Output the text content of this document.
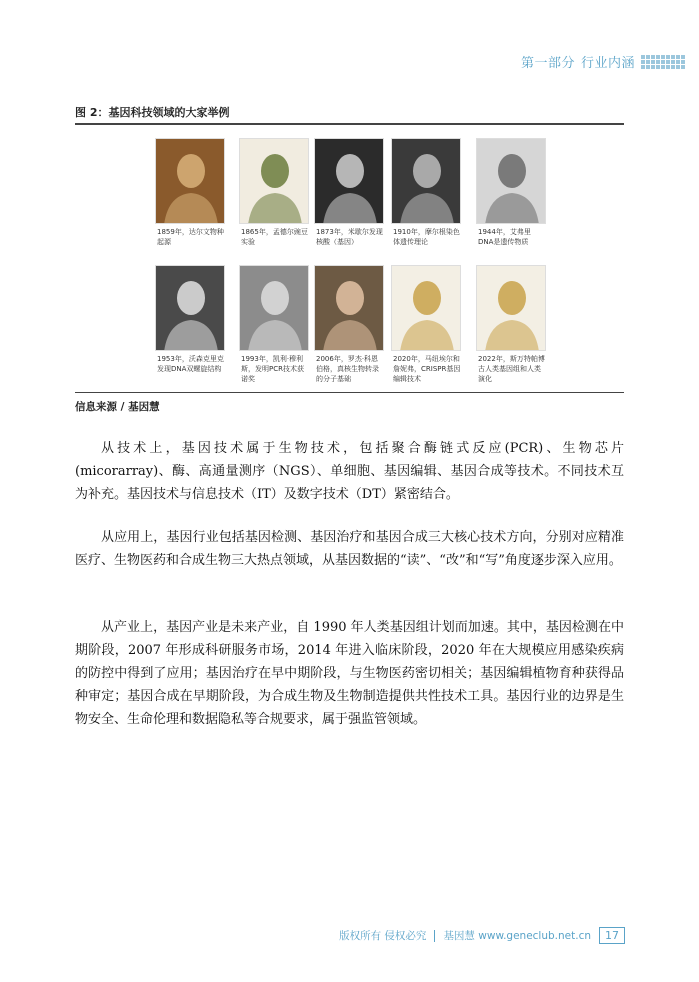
第一部分 行业内涵
图 2：基因科技领域的大家举例
1859年，达尔文物种起源
1865年，孟德尔豌豆实验
1873年，米歇尔发现核酸（基因）
1910年，摩尔根染色体遗传理论
1944年，艾弗里DNA是遗传物质
1953年，沃森克里克发现DNA双螺旋结构
1993年，凯利·穆利斯，发明PCR技术获诺奖
2006年，罗杰·科恩伯格，真核生物转录的分子基础
2020年，马纽埃尔和詹妮弗，CRISPR基因编辑技术
2022年，斯万特帕博 古人类基因组和人类演化
信息来源 / 基因慧

从技术上，基因技术属于生物技术，包括聚合酶链式反应(PCR)、生物芯片(micorarray)、酶、高通量测序（NGS）、单细胞、基因编辑、基因合成等技术。不同技术互为补充。基因技术与信息技术（IT）及数字技术（DT）紧密结合。

从应用上，基因行业包括基因检测、基因治疗和基因合成三大核心技术方向，分别对应精准医疗、生物医药和合成生物三大热点领域，从基因数据的“读”、“改”和“写”角度逐步深入应用。

从产业上，基因产业是未来产业，自 1990 年人类基因组计划而加速。其中，基因检测在中期阶段，2007 年形成科研服务市场，2014 年进入临床阶段，2020 年在大规模应用感染疾病的防控中得到了应用；基因治疗在早中期阶段，与生物医药密切相关；基因编辑植物育种获得品种审定；基因合成在早期阶段，为合成生物及生物制造提供共性技术工具。基因行业的边界是生物安全、生命伦理和数据隐私等合规要求，属于强监管领域。

版权所有 侵权必究 基因慧 www.geneclub.net.cn	17
